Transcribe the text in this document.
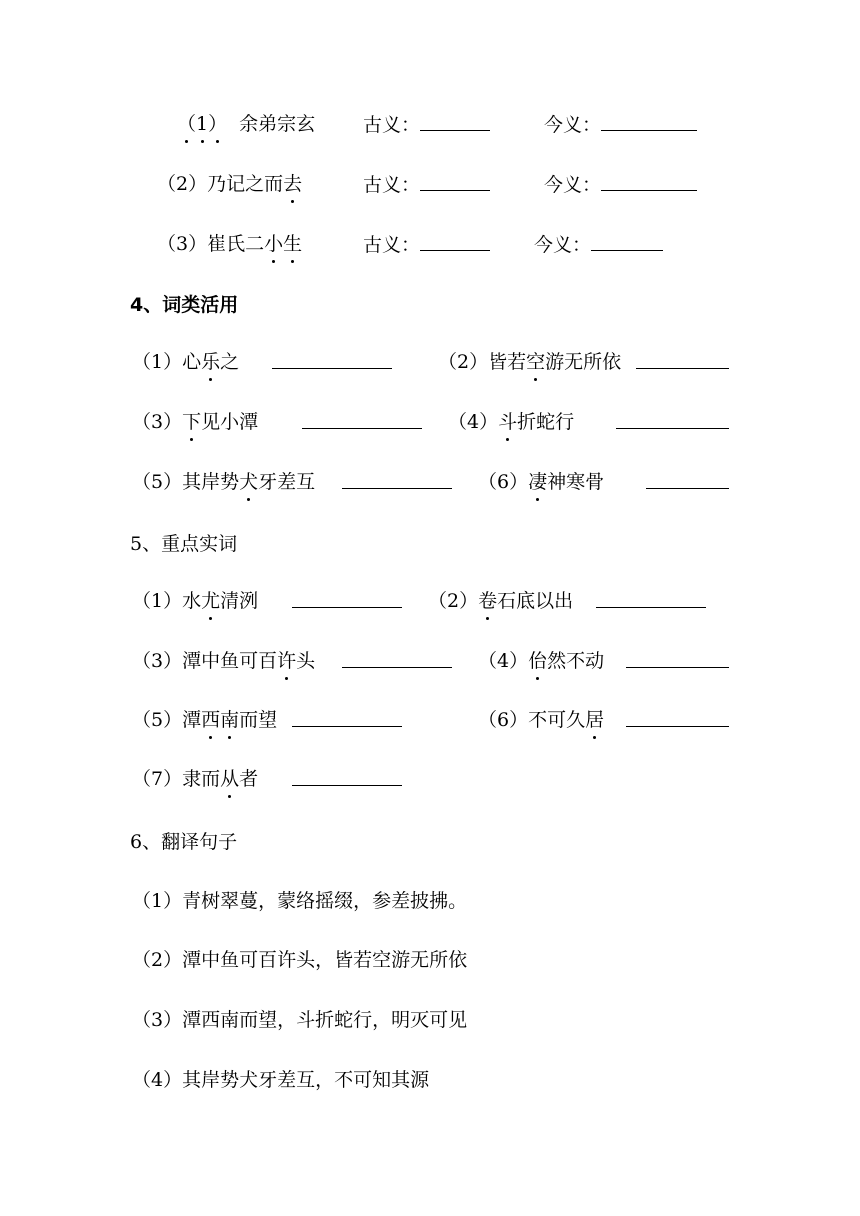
（1） 余弟宗玄	古义：	今义：
（2）乃记之而去	古义：	今义：
（3）崔氏二小生	古义：	今义：
4、词类活用
（1）心乐之	（2）皆若空游无所依
（3）下见小潭	（4）斗折蛇行
（5）其岸势犬牙差互	（6）凄神寒骨
5、重点实词
（1）水尤清洌	（2）卷石底以出
（3）潭中鱼可百许头	（4）佁然不动
（5）潭西南而望	（6）不可久居
（7）隶而从者
6、翻译句子
（1）青树翠蔓，蒙络摇缀，参差披拂。
（2）潭中鱼可百许头，皆若空游无所依
（3）潭西南而望，斗折蛇行，明灭可见
（4）其岸势犬牙差互，不可知其源
